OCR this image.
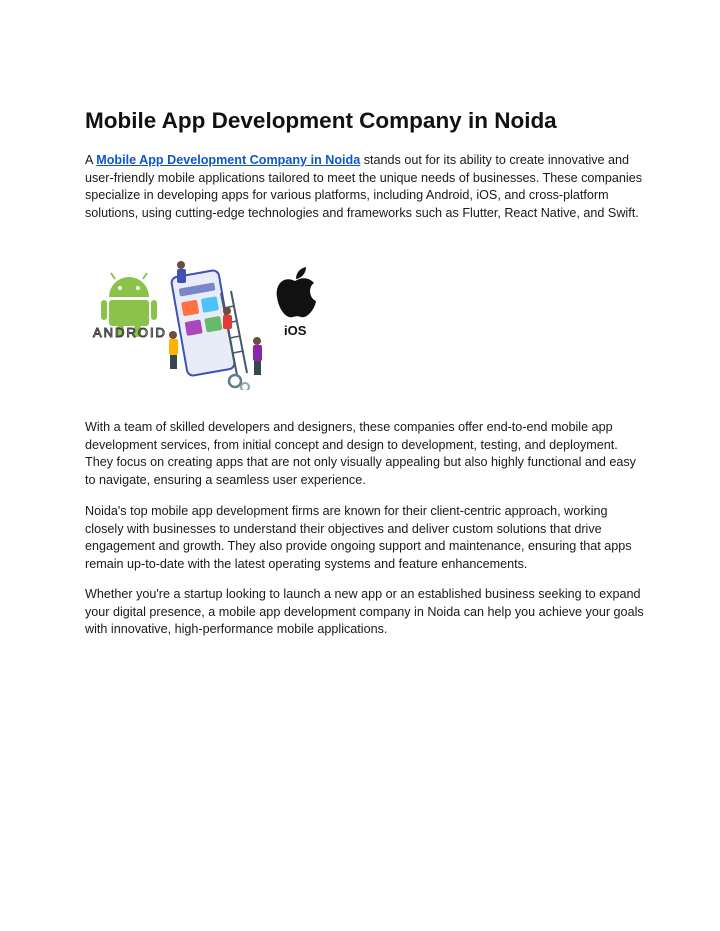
Mobile App Development Company in Noida

A Mobile App Development Company in Noida stands out for its ability to create innovative and user-friendly mobile applications tailored to meet the unique needs of businesses. These companies specialize in developing apps for various platforms, including Android, iOS, and cross-platform solutions, using cutting-edge technologies and frameworks such as Flutter, React Native, and Swift.

With a team of skilled developers and designers, these companies offer end-to-end mobile app development services, from initial concept and design to development, testing, and deployment. They focus on creating apps that are not only visually appealing but also highly functional and easy to navigate, ensuring a seamless user experience.

Noida's top mobile app development firms are known for their client-centric approach, working closely with businesses to understand their objectives and deliver custom solutions that drive engagement and growth. They also provide ongoing support and maintenance, ensuring that apps remain up-to-date with the latest operating systems and feature enhancements.

Whether you're a startup looking to launch a new app or an established business seeking to expand your digital presence, a mobile app development company in Noida can help you achieve your goals with innovative, high-performance mobile applications.

ANDROID	iOS
